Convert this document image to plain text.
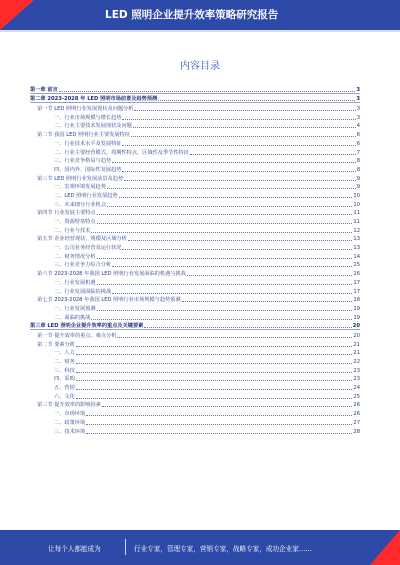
LED 照明企业提升效率策略研究报告
内容目录
第一章 前言	3
第二章 2023-2028 年 LED 照明市场前景及趋势预测	3
第一节 LED 照明行业发展现状及问题分析	3
一、行业市场规模与增长趋势	3
二、行业主要技术发展现状及问题	4
第二节 我国 LED 照明行业主要发展特征	6
一、行业技术水平及发展特征	6
二、行业主要经营模式、周期性特点、区域性及季节性特征	7
三、行业竞争格局与趋势	8
四、国内外、国际性发展趋势	8
第三节 LED 照明行业发展前景及趋势	9
一、宏观环境发展趋势	9
二、LED 照明行业发展趋势	10
三、未来细分行业机会	10
第四节 行业发展主要特点	11
一、资源壁垒特点	11
二、行业与技术	12
第五节 企业经营现状、规模及区域分析	13
一、公司业务经营及运行状况	13
二、财务情况分析	14
三、行业竞争力综合分析	15
第六节 2023-2028 年我国 LED 照明行业发展面临的机遇与挑战	16
一、行业发展机遇	17
二、行业发展面临的挑战	17
第七节 2023-2028 年我国 LED 照明行业市场规模与趋势预测	18
一、行业发展预测	19
二、面临的挑战	19
第三章 LED 照明企业提升效率的重点及关键要素	20
第一节 提升效率的重点、难点分析	20
第二节 要素分析	21
一、人力	21
二、财务	22
三、科技	23
四、采购	23
五、营销	24
六、文化	25
第三节 提升效率的影响因素	26
一、市场环境	26
二、政策环境	27
三、技术环境	28
让每个人都能成为	行业专家，管理专家，营销专家，战略专家，成功企业家……
